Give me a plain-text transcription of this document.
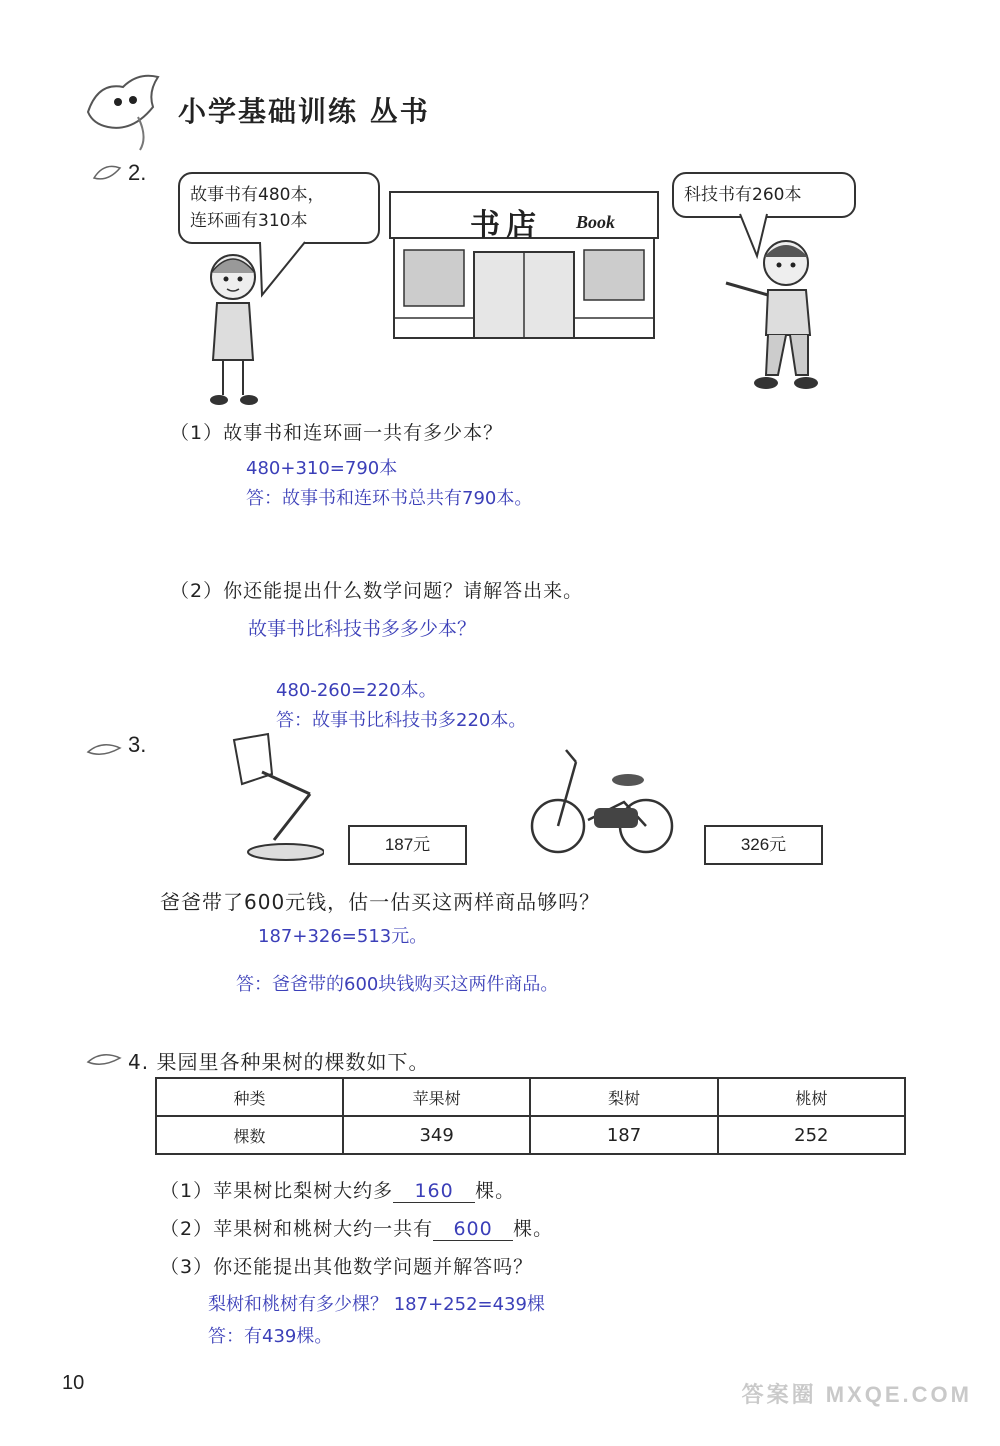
小学基础训练 丛书
2.
故事书有480本，
连环画有310本	书店 Book
科技书有260本
（1）故事书和连环画一共有多少本？
480+310=790本
答：故事书和连环书总共有790本。
（2）你还能提出什么数学问题？请解答出来。
故事书比科技书多多少本？
480-260=220本。
答：故事书比科技书多220本。
3.
187元	326元
爸爸带了600元钱，估一估买这两样商品够吗？
187+326=513元。
答：爸爸带的600块钱购买这两件商品。
4. 果园里各种果树的棵数如下。
种类	苹果树	梨树	桃树
棵数	349	187	252
（1）苹果树比梨树大约多 160 棵。
（2）苹果树和桃树大约一共有 600 棵。
（3）你还能提出其他数学问题并解答吗？
梨树和桃树有多少棵？ 187+252=439棵
答：有439棵。
10	答案圈 MXQE.COM
